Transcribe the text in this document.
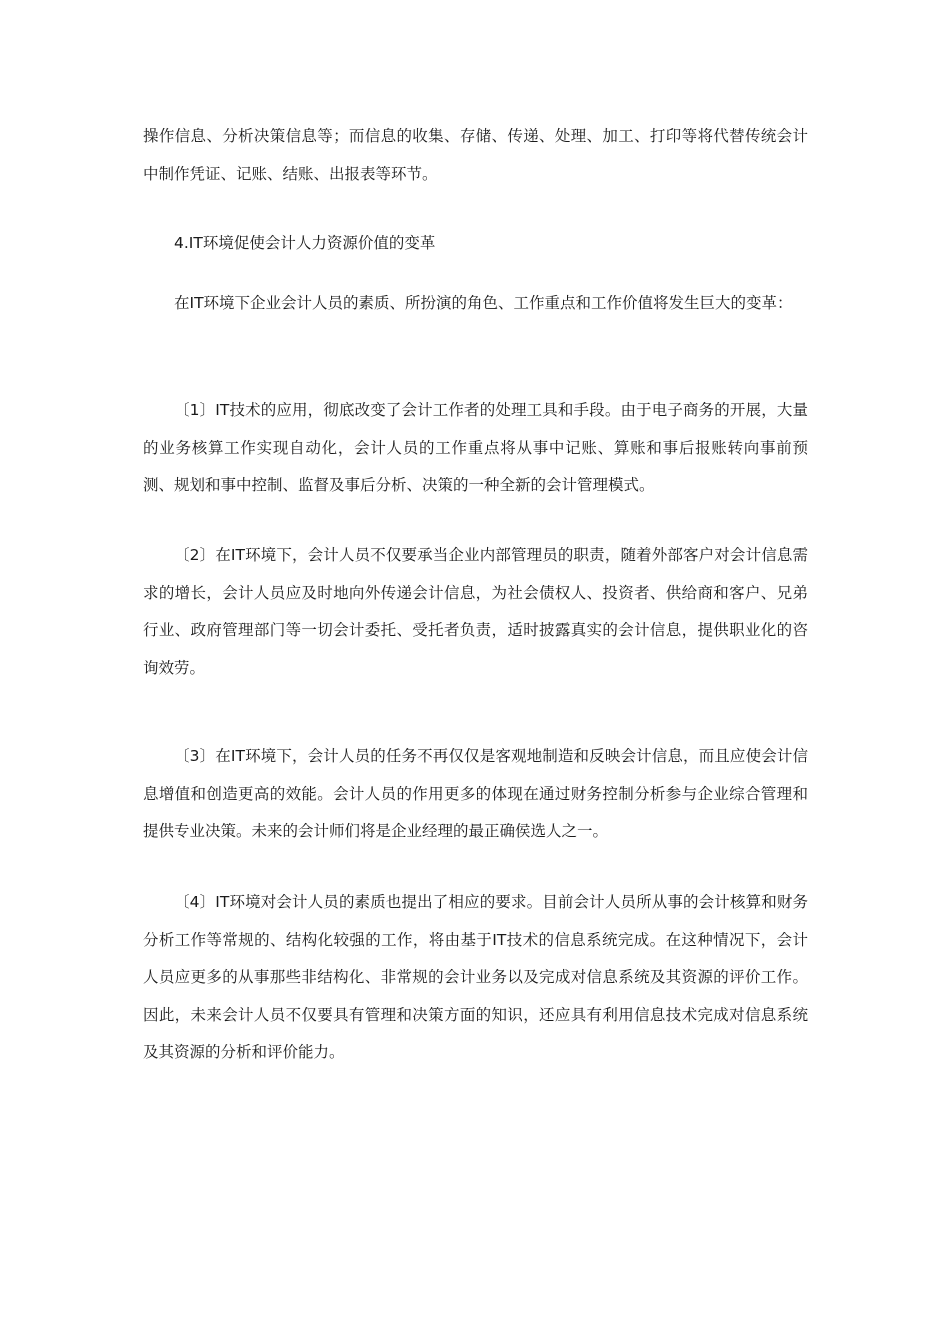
操作信息、分析决策信息等；而信息的收集、存储、传递、处理、加工、打印等将代替传统会计中制作凭证、记账、结账、出报表等环节。

4.IT环境促使会计人力资源价值的变革

在IT环境下企业会计人员的素质、所扮演的角色、工作重点和工作价值将发生巨大的变革：

〔1〕IT技术的应用，彻底改变了会计工作者的处理工具和手段。由于电子商务的开展，大量的业务核算工作实现自动化，会计人员的工作重点将从事中记账、算账和事后报账转向事前预测、规划和事中控制、监督及事后分析、决策的一种全新的会计管理模式。

〔2〕在IT环境下，会计人员不仅要承当企业内部管理员的职责，随着外部客户对会计信息需求的增长，会计人员应及时地向外传递会计信息，为社会债权人、投资者、供给商和客户、兄弟行业、政府管理部门等一切会计委托、受托者负责，适时披露真实的会计信息，提供职业化的咨询效劳。

〔3〕在IT环境下，会计人员的任务不再仅仅是客观地制造和反映会计信息，而且应使会计信息增值和创造更高的效能。会计人员的作用更多的体现在通过财务控制分析参与企业综合管理和提供专业决策。未来的会计师们将是企业经理的最正确侯选人之一。

〔4〕IT环境对会计人员的素质也提出了相应的要求。目前会计人员所从事的会计核算和财务分析工作等常规的、结构化较强的工作，将由基于IT技术的信息系统完成。在这种情况下，会计人员应更多的从事那些非结构化、非常规的会计业务以及完成对信息系统及其资源的评价工作。因此，未来会计人员不仅要具有管理和决策方面的知识，还应具有利用信息技术完成对信息系统及其资源的分析和评价能力。
